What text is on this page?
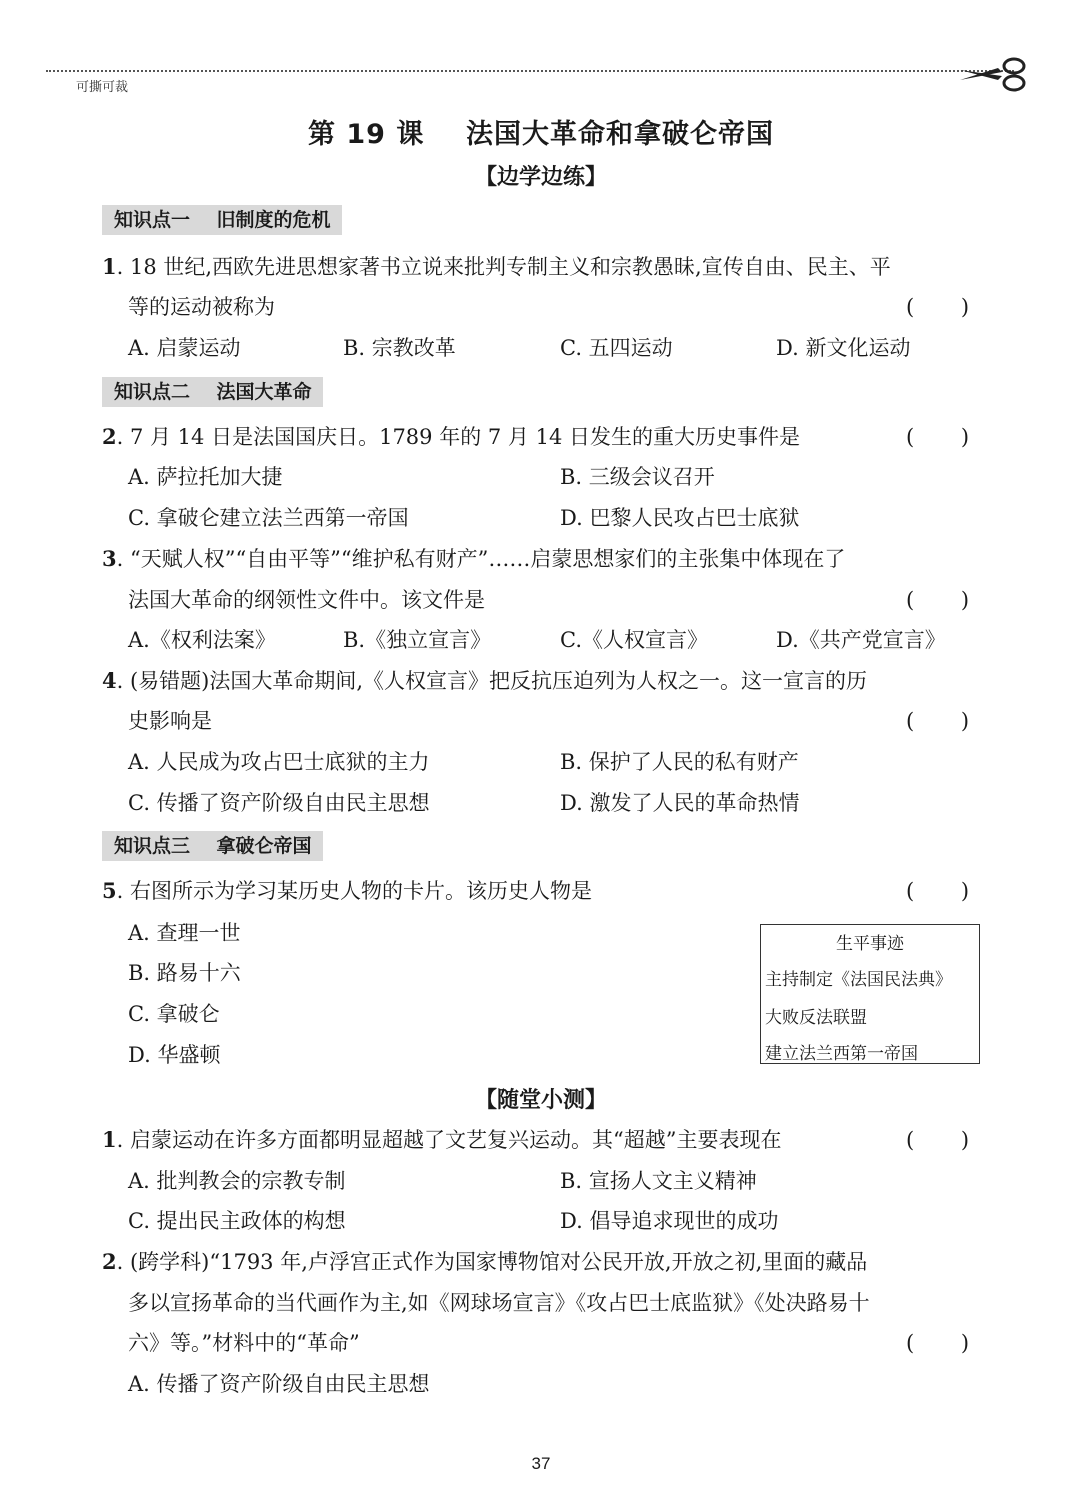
可撕可裁
第 19 课    法国大革命和拿破仑帝国
【边学边练】
知识点一    旧制度的危机
1. 18 世纪,西欧先进思想家著书立说来批判专制主义和宗教愚昧,宣传自由、民主、平
等的运动被称为	(       )
A. 启蒙运动	B. 宗教改革	C. 五四运动	D. 新文化运动
知识点二    法国大革命
2. 7 月 14 日是法国国庆日。1789 年的 7 月 14 日发生的重大历史事件是	(       )
A. 萨拉托加大捷	B. 三级会议召开
C. 拿破仑建立法兰西第一帝国	D. 巴黎人民攻占巴士底狱
3. “天赋人权”“自由平等”“维护私有财产”……启蒙思想家们的主张集中体现在了
法国大革命的纲领性文件中。该文件是	(       )
A.《权利法案》	B.《独立宣言》	C.《人权宣言》	D.《共产党宣言》
4. (易错题)法国大革命期间,《人权宣言》把反抗压迫列为人权之一。这一宣言的历
史影响是	(       )
A. 人民成为攻占巴士底狱的主力	B. 保护了人民的私有财产
C. 传播了资产阶级自由民主思想	D. 激发了人民的革命热情
知识点三    拿破仑帝国
5. 右图所示为学习某历史人物的卡片。该历史人物是	(       )
A. 查理一世
B. 路易十六
C. 拿破仑
D. 华盛顿
生平事迹
主持制定《法国民法典》
大败反法联盟
建立法兰西第一帝国
【随堂小测】
1. 启蒙运动在许多方面都明显超越了文艺复兴运动。其“超越”主要表现在	(       )
A. 批判教会的宗教专制	B. 宣扬人文主义精神
C. 提出民主政体的构想	D. 倡导追求现世的成功
2. (跨学科)“1793 年,卢浮宫正式作为国家博物馆对公民开放,开放之初,里面的藏品
多以宣扬革命的当代画作为主,如《网球场宣言》《攻占巴士底监狱》《处决路易十
六》等。”材料中的“革命”	(       )
A. 传播了资产阶级自由民主思想
37
